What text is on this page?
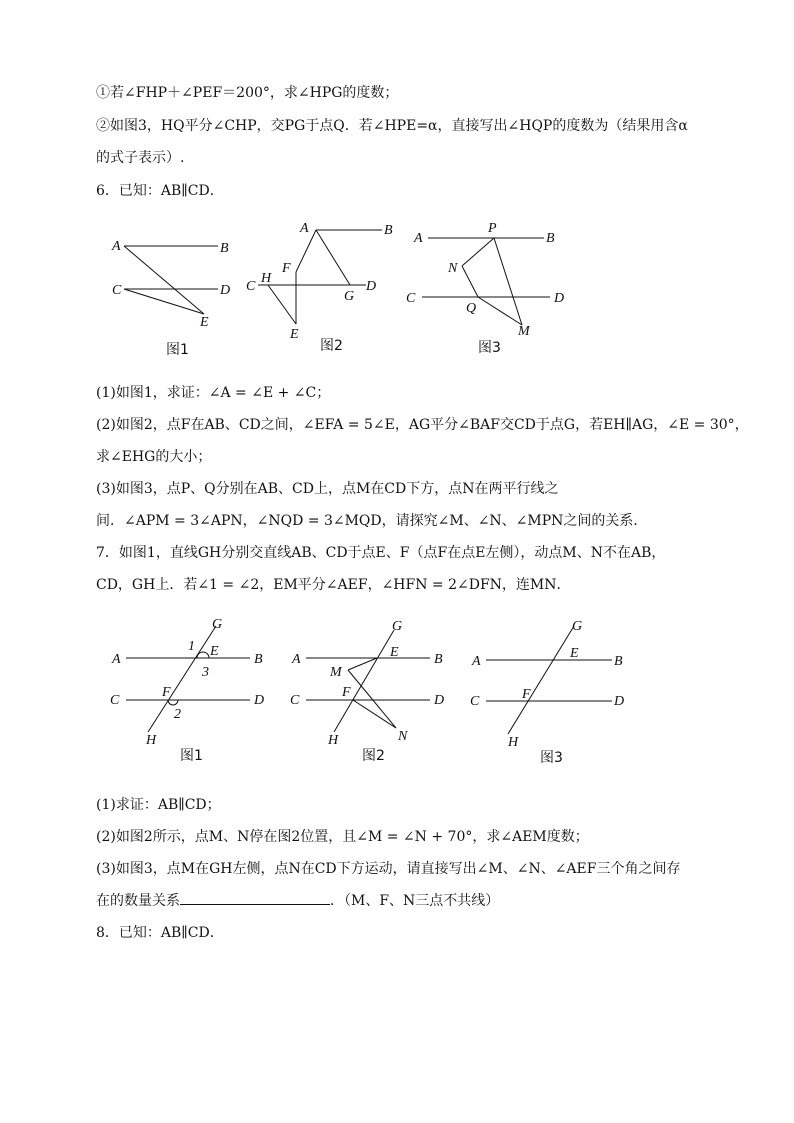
①若∠FHP＋∠PEF＝200°，求∠HPG的度数；
②如图3，HQ平分∠CHP，交PG于点Q．若∠HPE=α，直接写出∠HQP的度数为（结果用含α
的式子表示）.
6．已知：AB∥CD．
A	B
C	D
E
图1
A	B
C
H
F
G
D
E
图2
A
P
B
N
C
Q
D
M
图3
(1)如图1，求证：∠A = ∠E + ∠C；
(2)如图2，点F在AB、CD之间，∠EFA = 5∠E，AG平分∠BAF交CD于点G，若EH∥AG，∠E = 30°，
求∠EHG的大小；
(3)如图3，点P、Q分别在AB、CD上，点M在CD下方，点N在两平行线之
间．∠APM = 3∠APN，∠NQD = 3∠MQD，请探究∠M、∠N、∠MPN之间的关系．
7．如图1，直线GH分别交直线AB、CD于点E、F（点F在点E左侧），动点M、N不在AB，
CD，GH上．若∠1 = ∠2，EM平分∠AEF，∠HFN = 2∠DFN，连MN．
G
A
1 E
B
3
C
F
D
2
H
图1
G
A	E	B
M
C
F
D
H	N
图2
G
A
E
B
C	F	D
H
图3
(1)求证：AB∥CD；
(2)如图2所示，点M、N停在图2位置，且∠M = ∠N + 70°，求∠AEM度数；
(3)如图3，点M在GH左侧，点N在CD下方运动，请直接写出∠M、∠N、∠AEF三个角之间存
在的数量关系	．（M、F、N三点不共线）
8．已知：AB∥CD．
